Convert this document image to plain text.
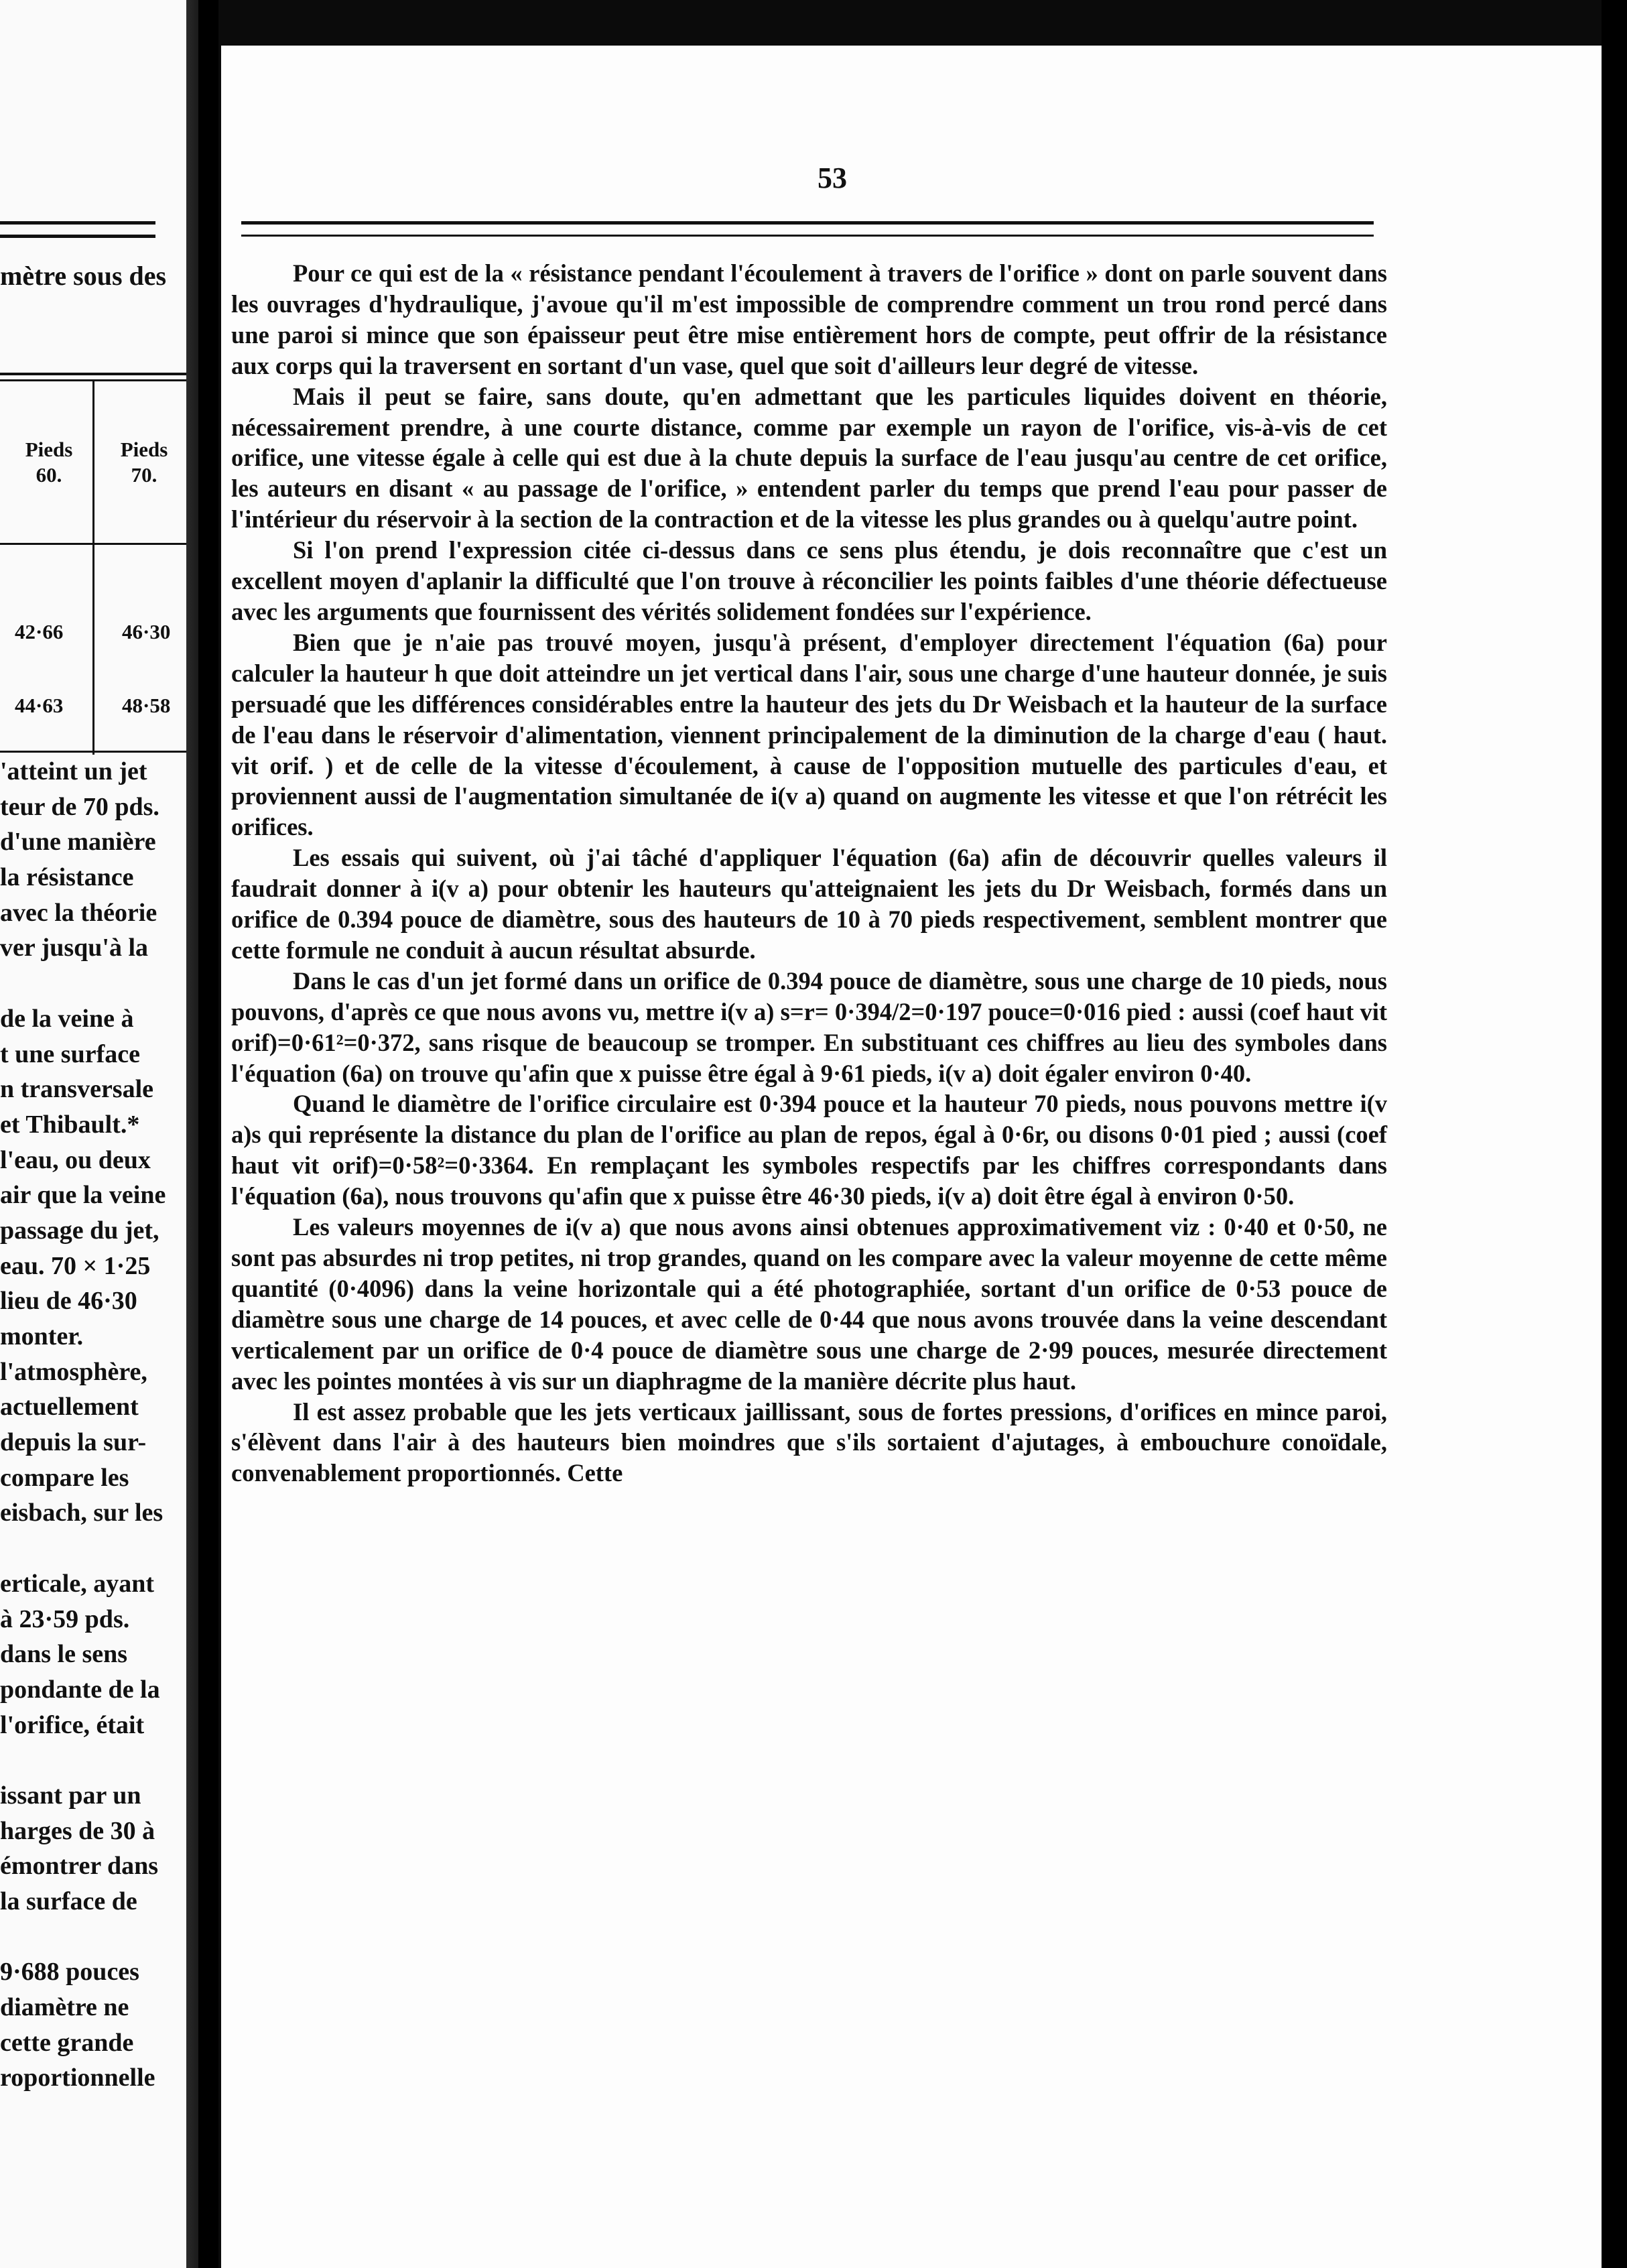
mètre sous des
Pieds
60.
Pieds
70.
42·66	46·30
44·63	48·58
'atteint un jet
teur de 70 pds.
d'une manière
la résistance
avec la théorie
ver jusqu'à la
de la veine à
t une surface
n transversale
et Thibault.*
l'eau, ou deux
air que la veine
passage du jet,
eau. 70 × 1·25
lieu de 46·30
monter.
l'atmosphère,
actuellement
depuis la sur-
compare les
eisbach, sur les
erticale, ayant
à 23·59 pds.
dans le sens
pondante de la
l'orifice, était
issant par un
harges de 30 à
émontrer dans
la surface de
9·688 pouces
diamètre ne
cette grande
roportionnelle
53

Pour ce qui est de la « résistance pendant l'écoulement à travers de l'orifice » dont on parle souvent dans les ouvrages d'hydraulique, j'avoue qu'il m'est impossible de comprendre comment un trou rond percé dans une paroi si mince que son épaisseur peut être mise entièrement hors de compte, peut offrir de la résistance aux corps qui la traversent en sortant d'un vase, quel que soit d'ailleurs leur degré de vitesse.

Mais il peut se faire, sans doute, qu'en admettant que les particules liquides doivent en théorie, nécessairement prendre, à une courte distance, comme par exemple un rayon de l'orifice, vis-à-vis de cet orifice, une vitesse égale à celle qui est due à la chute depuis la surface de l'eau jusqu'au centre de cet orifice, les auteurs en disant « au passage de l'orifice, » entendent parler du temps que prend l'eau pour passer de l'intérieur du réservoir à la section de la contraction et de la vitesse les plus grandes ou à quelqu'autre point.

Si l'on prend l'expression citée ci-dessus dans ce sens plus étendu, je dois reconnaître que c'est un excellent moyen d'aplanir la difficulté que l'on trouve à réconcilier les points faibles d'une théorie défectueuse avec les arguments que fournissent des vérités solidement fondées sur l'expérience.

Bien que je n'aie pas trouvé moyen, jusqu'à présent, d'employer directement l'équation (6a) pour calculer la hauteur h que doit atteindre un jet vertical dans l'air, sous une charge d'une hauteur donnée, je suis persuadé que les différences considérables entre la hauteur des jets du Dr Weisbach et la hauteur de la surface de l'eau dans le réservoir d'alimentation, viennent principalement de la diminution de la charge d'eau ( haut. vit orif. ) et de celle de la vitesse d'écoulement, à cause de l'opposition mutuelle des particules d'eau, et proviennent aussi de l'augmentation simultanée de i(v a) quand on augmente les vitesse et que l'on rétrécit les orifices.

Les essais qui suivent, où j'ai tâché d'appliquer l'équation (6a) afin de découvrir quelles valeurs il faudrait donner à i(v a) pour obtenir les hauteurs qu'atteignaient les jets du Dr Weisbach, formés dans un orifice de 0.394 pouce de diamètre, sous des hauteurs de 10 à 70 pieds respectivement, semblent montrer que cette formule ne conduit à aucun résultat absurde.

Dans le cas d'un jet formé dans un orifice de 0.394 pouce de diamètre, sous une charge de 10 pieds, nous pouvons, d'après ce que nous avons vu, mettre i(v a) s=r= 0·394/2=0·197 pouce=0·016 pied : aussi (coef haut vit orif)=0·61²=0·372, sans risque de beaucoup se tromper. En substituant ces chiffres au lieu des symboles dans l'équation (6a) on trouve qu'afin que x puisse être égal à 9·61 pieds, i(v a) doit égaler environ 0·40.

Quand le diamètre de l'orifice circulaire est 0·394 pouce et la hauteur 70 pieds, nous pouvons mettre i(v a)s qui représente la distance du plan de l'orifice au plan de repos, égal à 0·6r, ou disons 0·01 pied ; aussi (coef haut vit orif)=0·58²=0·3364. En remplaçant les symboles respectifs par les chiffres correspondants dans l'équation (6a), nous trouvons qu'afin que x puisse être 46·30 pieds, i(v a) doit être égal à environ 0·50.

Les valeurs moyennes de i(v a) que nous avons ainsi obtenues approximativement viz : 0·40 et 0·50, ne sont pas absurdes ni trop petites, ni trop grandes, quand on les compare avec la valeur moyenne de cette même quantité (0·4096) dans la veine horizontale qui a été photographiée, sortant d'un orifice de 0·53 pouce de diamètre sous une charge de 14 pouces, et avec celle de 0·44 que nous avons trouvée dans la veine descendant verticalement par un orifice de 0·4 pouce de diamètre sous une charge de 2·99 pouces, mesurée directement avec les pointes montées à vis sur un diaphragme de la manière décrite plus haut.

Il est assez probable que les jets verticaux jaillissant, sous de fortes pressions, d'orifices en mince paroi, s'élèvent dans l'air à des hauteurs bien moindres que s'ils sortaient d'ajutages, à embouchure conoïdale, convenablement proportionnés. Cette
